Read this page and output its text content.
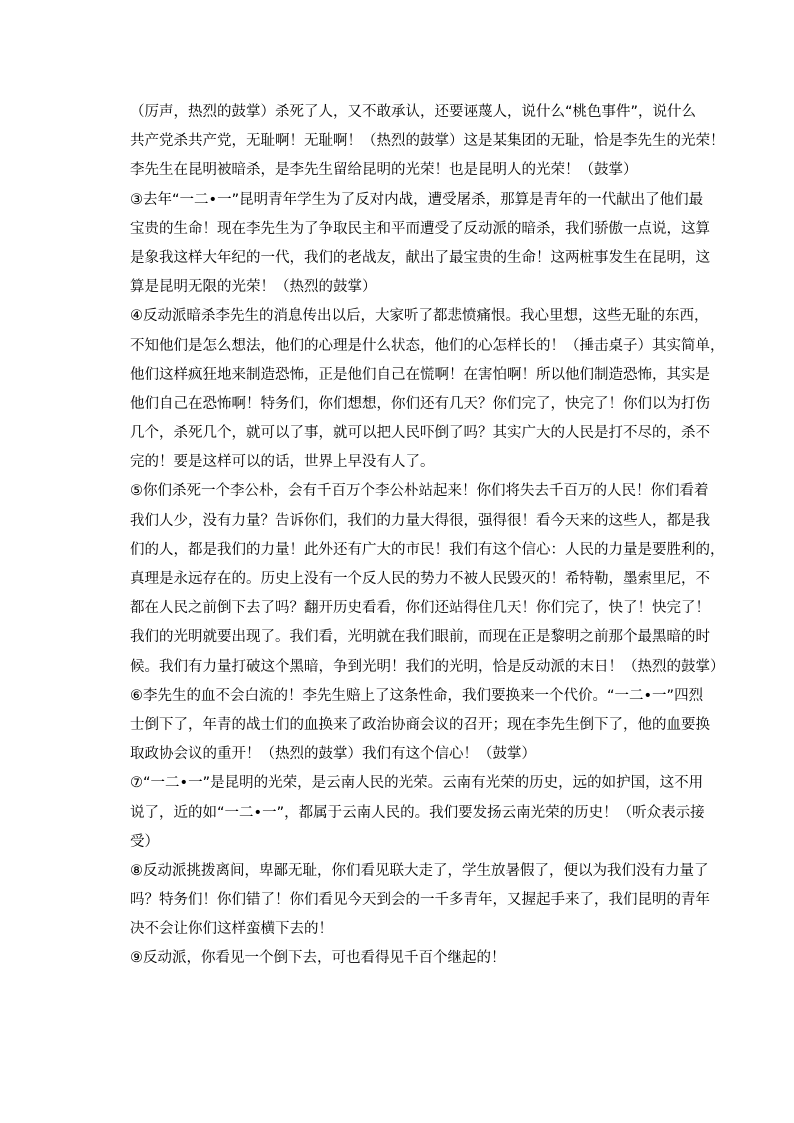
（厉声，热烈的鼓掌）杀死了人，又不敢承认，还要诬蔑人，说什么“桃色事件”，说什么
共产党杀共产党，无耻啊！无耻啊！（热烈的鼓掌）这是某集团的无耻，恰是李先生的光荣！
李先生在昆明被暗杀，是李先生留给昆明的光荣！也是昆明人的光荣！（鼓掌）
③去年“一二•一”昆明青年学生为了反对内战，遭受屠杀，那算是青年的一代献出了他们最
宝贵的生命！现在李先生为了争取民主和平而遭受了反动派的暗杀，我们骄傲一点说，这算
是象我这样大年纪的一代，我们的老战友，献出了最宝贵的生命！这两桩事发生在昆明，这
算是昆明无限的光荣！（热烈的鼓掌）
④反动派暗杀李先生的消息传出以后，大家听了都悲愤痛恨。我心里想，这些无耻的东西，
不知他们是怎么想法，他们的心理是什么状态，他们的心怎样长的！（捶击桌子）其实简单，
他们这样疯狂地来制造恐怖，正是他们自己在慌啊！在害怕啊！所以他们制造恐怖，其实是
他们自己在恐怖啊！特务们，你们想想，你们还有几天？你们完了，快完了！你们以为打伤
几个，杀死几个，就可以了事，就可以把人民吓倒了吗？其实广大的人民是打不尽的，杀不
完的！要是这样可以的话，世界上早没有人了。
⑤你们杀死一个李公朴，会有千百万个李公朴站起来！你们将失去千百万的人民！你们看着
我们人少，没有力量？告诉你们，我们的力量大得很，强得很！看今天来的这些人，都是我
们的人，都是我们的力量！此外还有广大的市民！我们有这个信心：人民的力量是要胜利的，
真理是永远存在的。历史上没有一个反人民的势力不被人民毁灭的！希特勒，墨索里尼，不
都在人民之前倒下去了吗？翻开历史看看，你们还站得住几天！你们完了，快了！快完了！
我们的光明就要出现了。我们看，光明就在我们眼前，而现在正是黎明之前那个最黑暗的时
候。我们有力量打破这个黑暗，争到光明！我们的光明，恰是反动派的末日！（热烈的鼓掌）
⑥李先生的血不会白流的！李先生赔上了这条性命，我们要换来一个代价。“一二•一”四烈
士倒下了，年青的战士们的血换来了政治协商会议的召开；现在李先生倒下了，他的血要换
取政协会议的重开！（热烈的鼓掌）我们有这个信心！（鼓掌）
⑦“一二•一”是昆明的光荣，是云南人民的光荣。云南有光荣的历史，远的如护国，这不用
说了，近的如“一二•一”，都属于云南人民的。我们要发扬云南光荣的历史！（听众表示接
受）
⑧反动派挑拨离间，卑鄙无耻，你们看见联大走了，学生放暑假了，便以为我们没有力量了
吗？特务们！你们错了！你们看见今天到会的一千多青年，又握起手来了，我们昆明的青年
决不会让你们这样蛮横下去的！
⑨反动派，你看见一个倒下去，可也看得见千百个继起的！
